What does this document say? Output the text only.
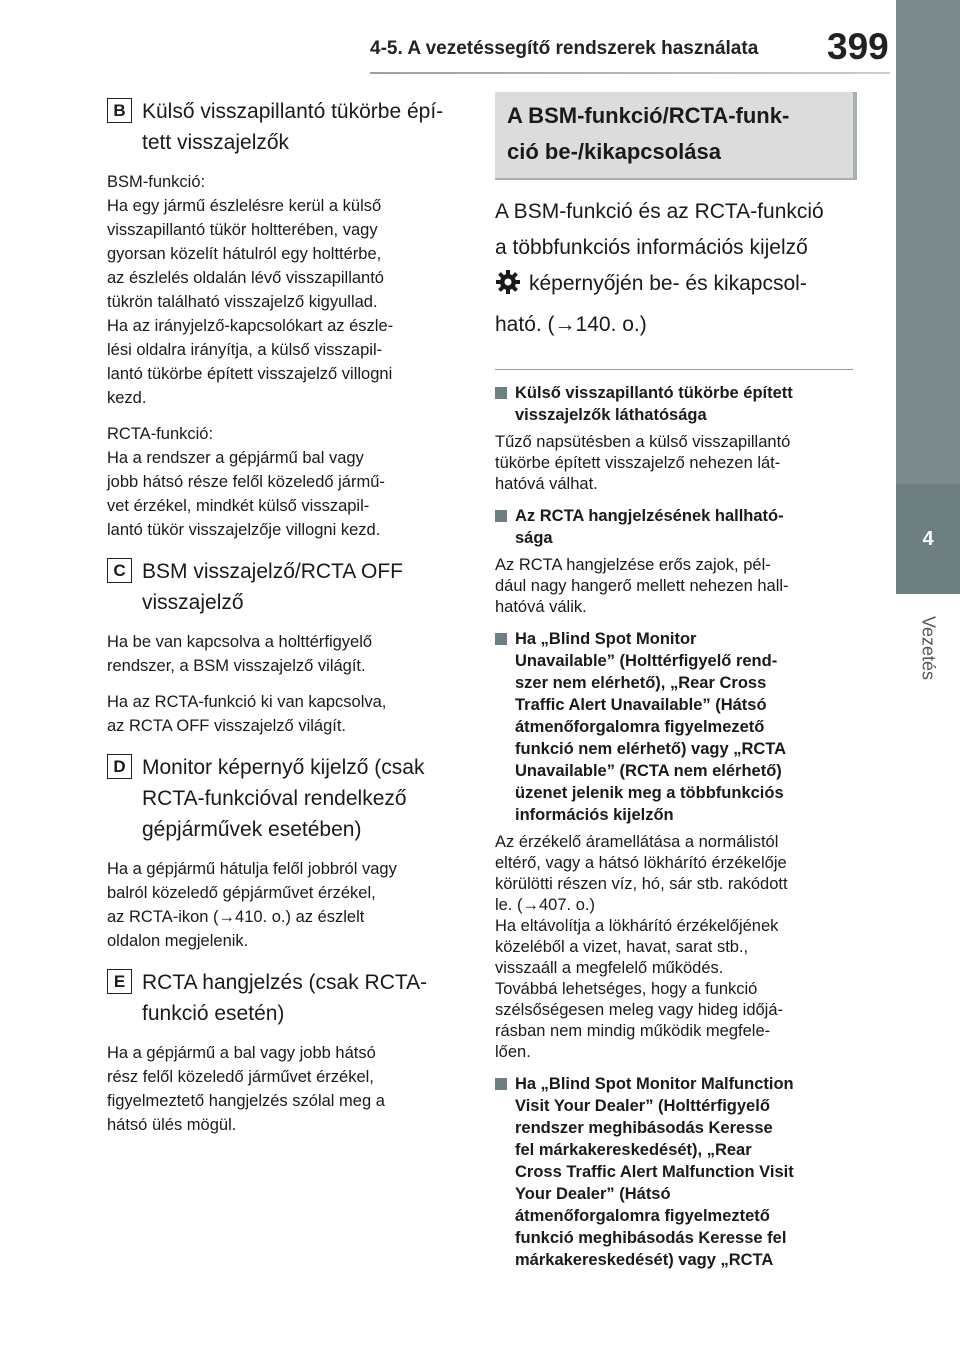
4-5. A vezetéssegítő rendszerek használata 399
4
Vezetés
B Külső visszapillantó tükörbe épí-
tett visszajelzők

BSM-funkció:
Ha egy jármű észlelésre kerül a külső
visszapillantó tükör holtterében, vagy
gyorsan közelít hátulról egy holttérbe,
az észlelés oldalán lévő visszapillantó
tükrön található visszajelző kigyullad.
Ha az irányjelző-kapcsolókart az észle-
lési oldalra irányítja, a külső visszapil-
lantó tükörbe épített visszajelző villogni
kezd.

RCTA-funkció:
Ha a rendszer a gépjármű bal vagy
jobb hátsó része felől közeledő jármű-
vet érzékel, mindkét külső visszapil-
lantó tükör visszajelzője villogni kezd.

C BSM visszajelző/RCTA OFF
visszajelző

Ha be van kapcsolva a holttérfigyelő
rendszer, a BSM visszajelző világít.

Ha az RCTA-funkció ki van kapcsolva,
az RCTA OFF visszajelző világít.

D Monitor képernyő kijelző (csak
RCTA-funkcióval rendelkező
gépjárművek esetében)

Ha a gépjármű hátulja felől jobbról vagy
balról közeledő gépjárművet érzékel,
az RCTA-ikon (→410. o.) az észlelt
oldalon megjelenik.

E RCTA hangjelzés (csak RCTA-
funkció esetén)

Ha a gépjármű a bal vagy jobb hátsó
rész felől közeledő járművet érzékel,
figyelmeztető hangjelzés szólal meg a
hátsó ülés mögül.

A BSM-funkció/RCTA-funk-
ció be-/kikapcsolása

A BSM-funkció és az RCTA-funkció
a többfunkciós információs kijelző
képernyőjén be- és kikapcsol-
ható. (→140. o.)

Külső visszapillantó tükörbe épített
visszajelzők láthatósága
Tűző napsütésben a külső visszapillantó
tükörbe épített visszajelző nehezen lát-
hatóvá válhat.
Az RCTA hangjelzésének hallható-
sága
Az RCTA hangjelzése erős zajok, pél-
dául nagy hangerő mellett nehezen hall-
hatóvá válik.
Ha „Blind Spot Monitor
Unavailable” (Holttérfigyelő rend-
szer nem elérhető), „Rear Cross
Traffic Alert Unavailable” (Hátsó
átmenőforgalomra figyelmezető
funkció nem elérhető) vagy „RCTA
Unavailable” (RCTA nem elérhető)
üzenet jelenik meg a többfunkciós
információs kijelzőn
Az érzékelő áramellátása a normálistól
eltérő, vagy a hátsó lökhárító érzékelője
körülötti részen víz, hó, sár stb. rakódott
le. (→407. o.)
Ha eltávolítja a lökhárító érzékelőjének
közeléből a vizet, havat, sarat stb.,
visszaáll a megfelelő működés.
Továbbá lehetséges, hogy a funkció
szélsőségesen meleg vagy hideg időjá-
rásban nem mindig működik megfele-
lően.
Ha „Blind Spot Monitor Malfunction
Visit Your Dealer” (Holttérfigyelő
rendszer meghibásodás Keresse
fel márkakereskedését), „Rear
Cross Traffic Alert Malfunction Visit
Your Dealer” (Hátsó
átmenőforgalomra figyelmeztető
funkció meghibásodás Keresse fel
márkakereskedését) vagy „RCTA
